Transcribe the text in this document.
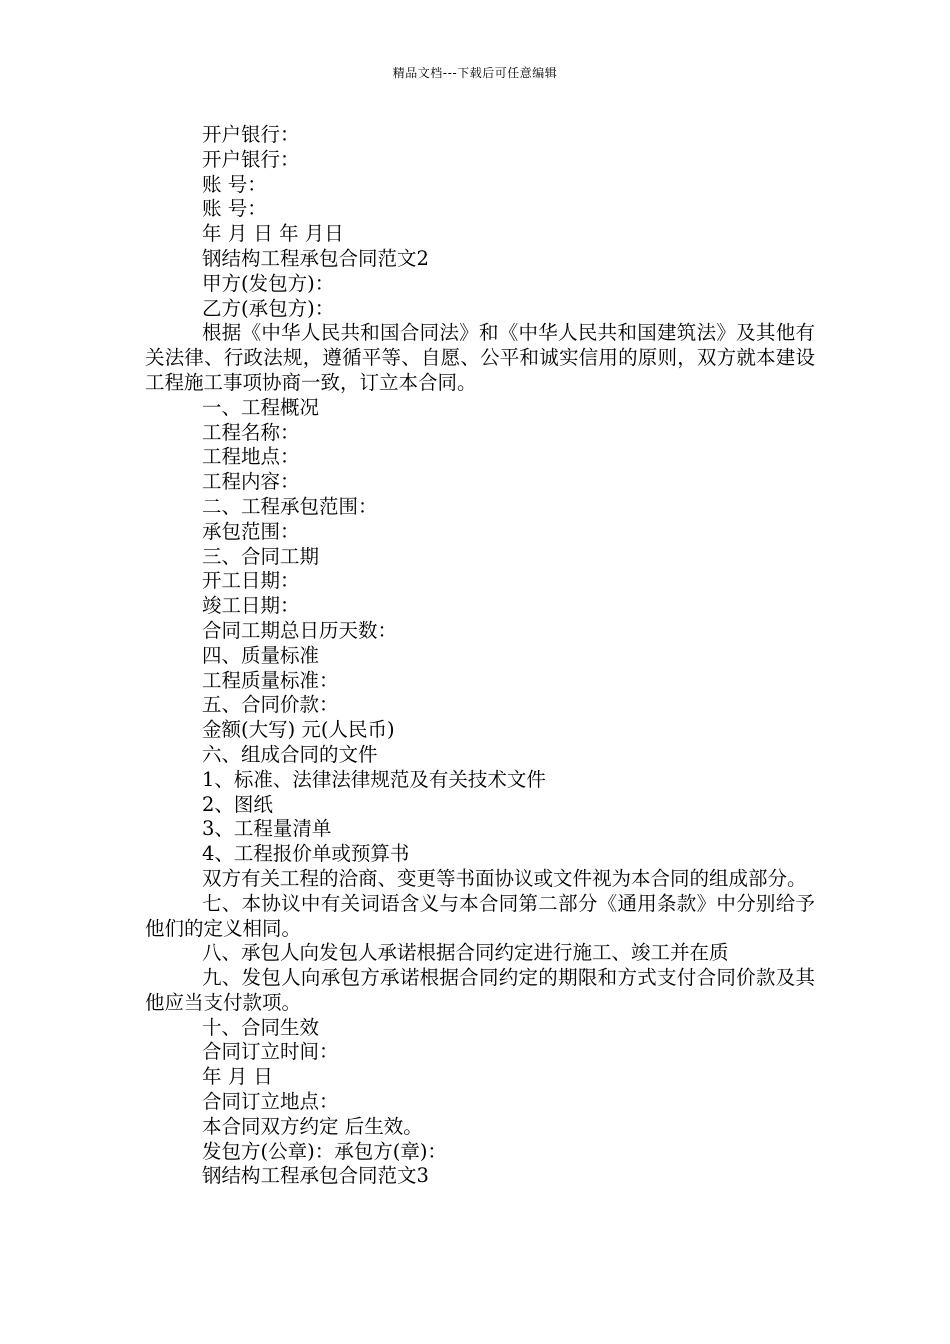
精品文档---下载后可任意编辑

开户银行：

开户银行：

账 号：

账 号：

年 月 日 年 月日

钢结构工程承包合同范文2

甲方(发包方)：

乙方(承包方)：

根据《中华人民共和国合同法》和《中华人民共和国建筑法》及其他有关法律、行政法规，遵循平等、自愿、公平和诚实信用的原则，双方就本建设工程施工事项协商一致，订立本合同。

一、工程概况

工程名称：

工程地点：

工程内容：

二、工程承包范围：

承包范围：

三、合同工期

开工日期：

竣工日期：

合同工期总日历天数：

四、质量标准

工程质量标准：

五、合同价款：

金额(大写) 元(人民币)

六、组成合同的文件

1、标准、法律法律规范及有关技术文件

2、图纸

3、工程量清单

4、工程报价单或预算书

双方有关工程的洽商、变更等书面协议或文件视为本合同的组成部分。

七、本协议中有关词语含义与本合同第二部分《通用条款》中分别给予他们的定义相同。

八、承包人向发包人承诺根据合同约定进行施工、竣工并在质

九、发包人向承包方承诺根据合同约定的期限和方式支付合同价款及其他应当支付款项。

十、合同生效

合同订立时间：

年 月 日

合同订立地点：

本合同双方约定 后生效。

发包方(公章)：承包方(章)：

钢结构工程承包合同范文3
